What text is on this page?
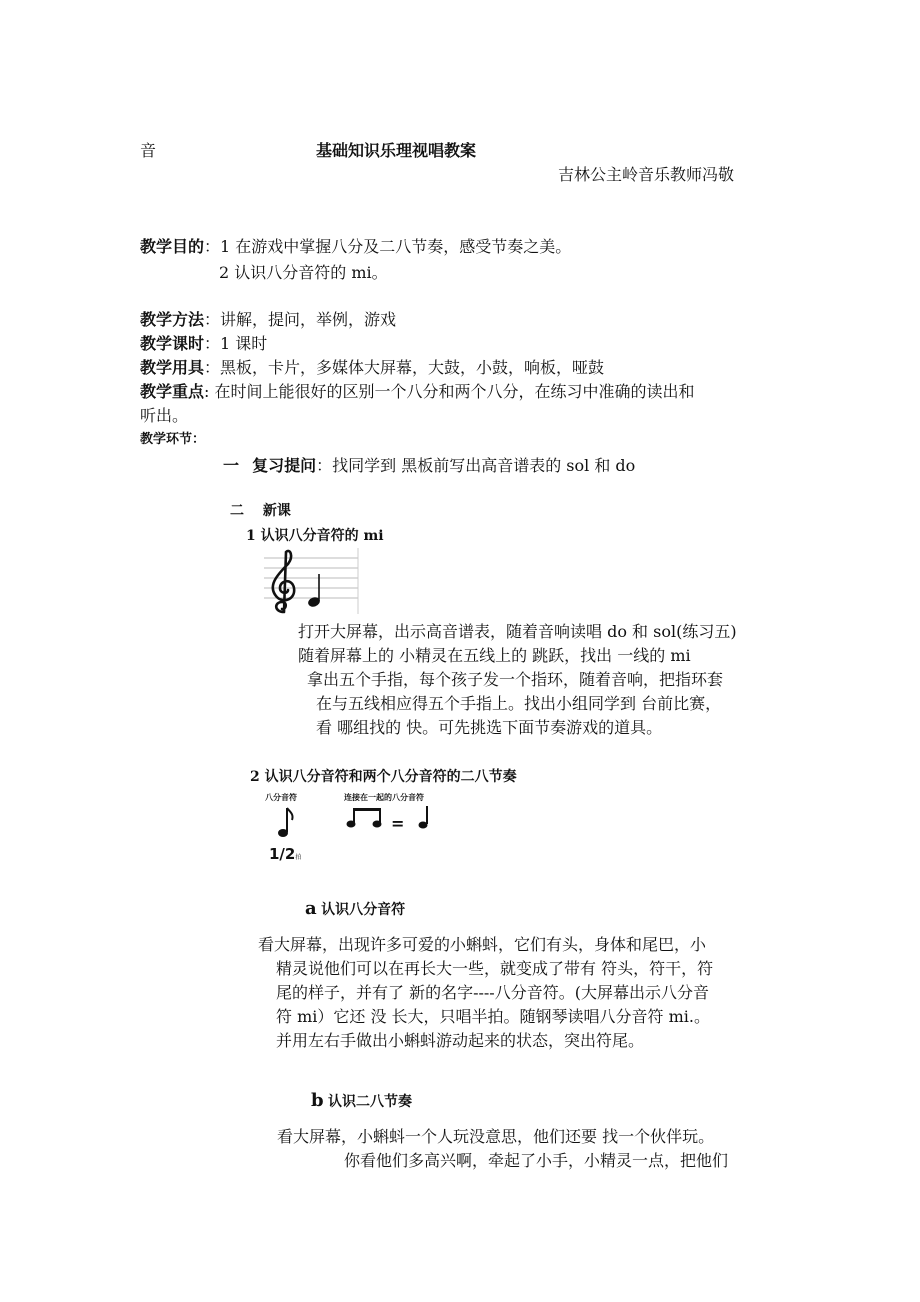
音	基础知识乐理视唱教案
吉林公主岭音乐教师冯敬
教学目的：1 在游戏中掌握八分及二八节奏，感受节奏之美。
2 认识八分音符的 mi。
教学方法：讲解，提问，举例，游戏
教学课时：1 课时
教学用具：黑板，卡片，多媒体大屏幕，大鼓，小鼓，响板，哑鼓
教学重点: 在时间上能很好的区别一个八分和两个八分，在练习中准确的读出和
听出。
教学环节：
一 复习提问：找同学到 黑板前写出高音谱表的 sol 和 do
二 新课
1 认识八分音符的 mi
打开大屏幕，出示高音谱表，随着音响读唱 do 和 sol(练习五)
随着屏幕上的 小精灵在五线上的 跳跃，找出 一线的 mi
拿出五个手指，每个孩子发一个指环，随着音响，把指环套
在与五线相应得五个手指上。找出小组同学到 台前比赛，
看 哪组找的 快。可先挑选下面节奏游戏的道具。
2 认识八分音符和两个八分音符的二八节奏
八分音符	连接在一起的八分音符
=
1/2拍
a 认识八分音符
看大屏幕，出现许多可爱的小蝌蚪，它们有头，身体和尾巴，小
精灵说他们可以在再长大一些，就变成了带有 符头，符干，符
尾的样子，并有了 新的名字----八分音符。(大屏幕出示八分音
符 mi）它还 没 长大，只唱半拍。随钢琴读唱八分音符 mi.。
并用左右手做出小蝌蚪游动起来的状态，突出符尾。
b 认识二八节奏
看大屏幕，小蝌蚪一个人玩没意思，他们还要 找一个伙伴玩。
你看他们多高兴啊，牵起了小手，小精灵一点，把他们
